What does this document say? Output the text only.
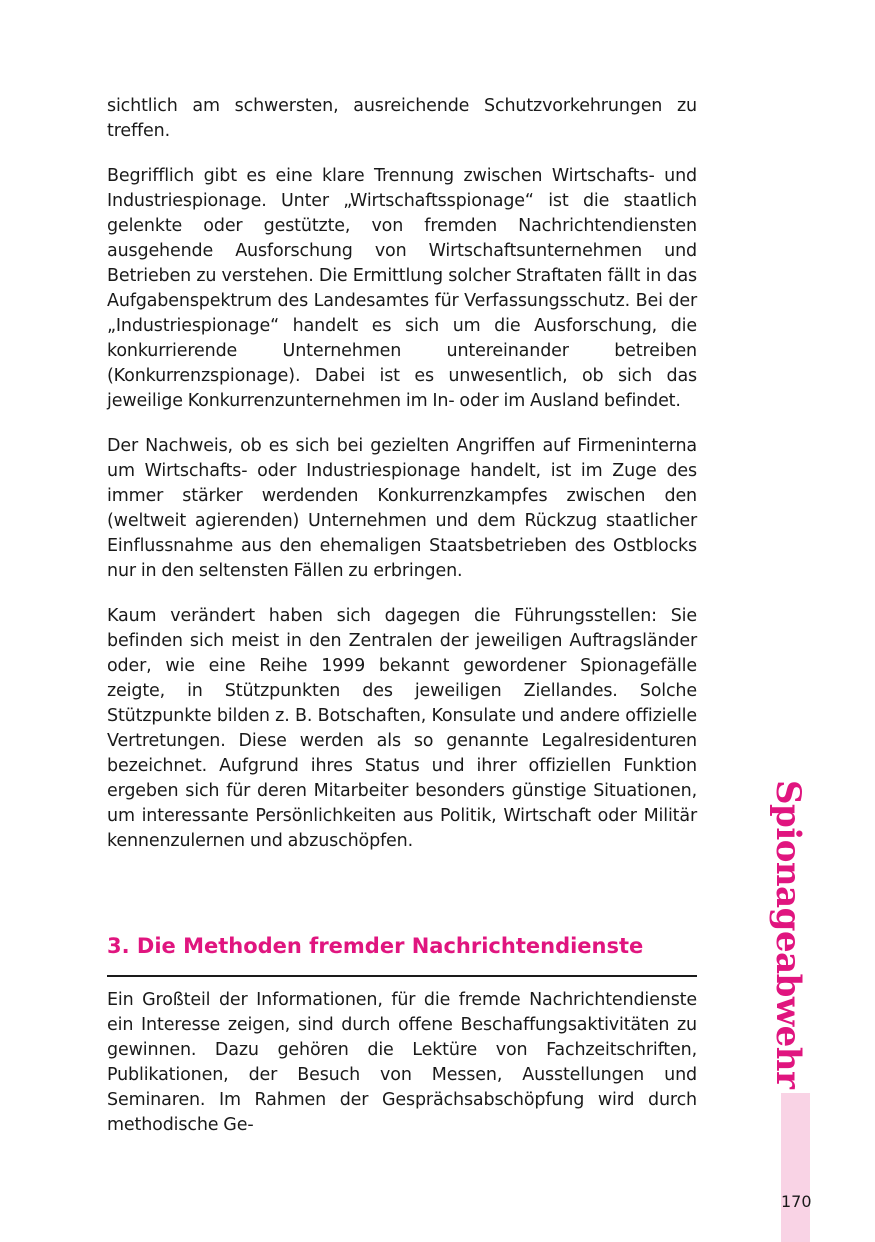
sichtlich am schwersten, ausreichende Schutzvorkehrungen zu treffen.

Begrifflich gibt es eine klare Trennung zwischen Wirtschafts- und Industriespionage. Unter „Wirtschaftsspionage“ ist die staatlich gelenkte oder gestützte, von fremden Nachrichtendiensten ausgehende Ausforschung von Wirtschaftsunternehmen und Betrieben zu verstehen. Die Ermittlung solcher Straftaten fällt in das Aufgabenspektrum des Landesamtes für Verfassungsschutz. Bei der „Industriespionage“ handelt es sich um die Ausforschung, die konkurrierende Unternehmen untereinander betreiben (Konkurrenzspionage). Dabei ist es unwesentlich, ob sich das jeweilige Konkurrenzunternehmen im In- oder im Ausland befindet.

Der Nachweis, ob es sich bei gezielten Angriffen auf Firmeninterna um Wirtschafts- oder Industriespionage handelt, ist im Zuge des immer stärker werdenden Konkurrenzkampfes zwischen den (weltweit agierenden) Unternehmen und dem Rückzug staatlicher Einflussnahme aus den ehemaligen Staatsbetrieben des Ostblocks nur in den seltensten Fällen zu erbringen.

Kaum verändert haben sich dagegen die Führungsstellen: Sie befinden sich meist in den Zentralen der jeweiligen Auftragsländer oder, wie eine Reihe 1999 bekannt gewordener Spionagefälle zeigte, in Stützpunkten des jeweiligen Ziellandes. Solche Stützpunkte bilden z. B. Botschaften, Konsulate und andere offizielle Vertretungen. Diese werden als so genannte Legalresidenturen bezeichnet. Aufgrund ihres Status und ihrer offiziellen Funktion ergeben sich für deren Mitarbeiter besonders günstige Situationen, um interessante Persönlichkeiten aus Politik, Wirtschaft oder Militär kennenzulernen und abzuschöpfen.

3. Die Methoden fremder Nachrichtendienste

Ein Großteil der Informationen, für die fremde Nachrichtendienste ein Interesse zeigen, sind durch offene Beschaffungsaktivitäten zu gewinnen. Dazu gehören die Lektüre von Fachzeitschriften, Publikationen, der Besuch von Messen, Ausstellungen und Seminaren. Im Rahmen der Gesprächsabschöpfung wird durch methodische Ge-

Spionageabwehr
170
